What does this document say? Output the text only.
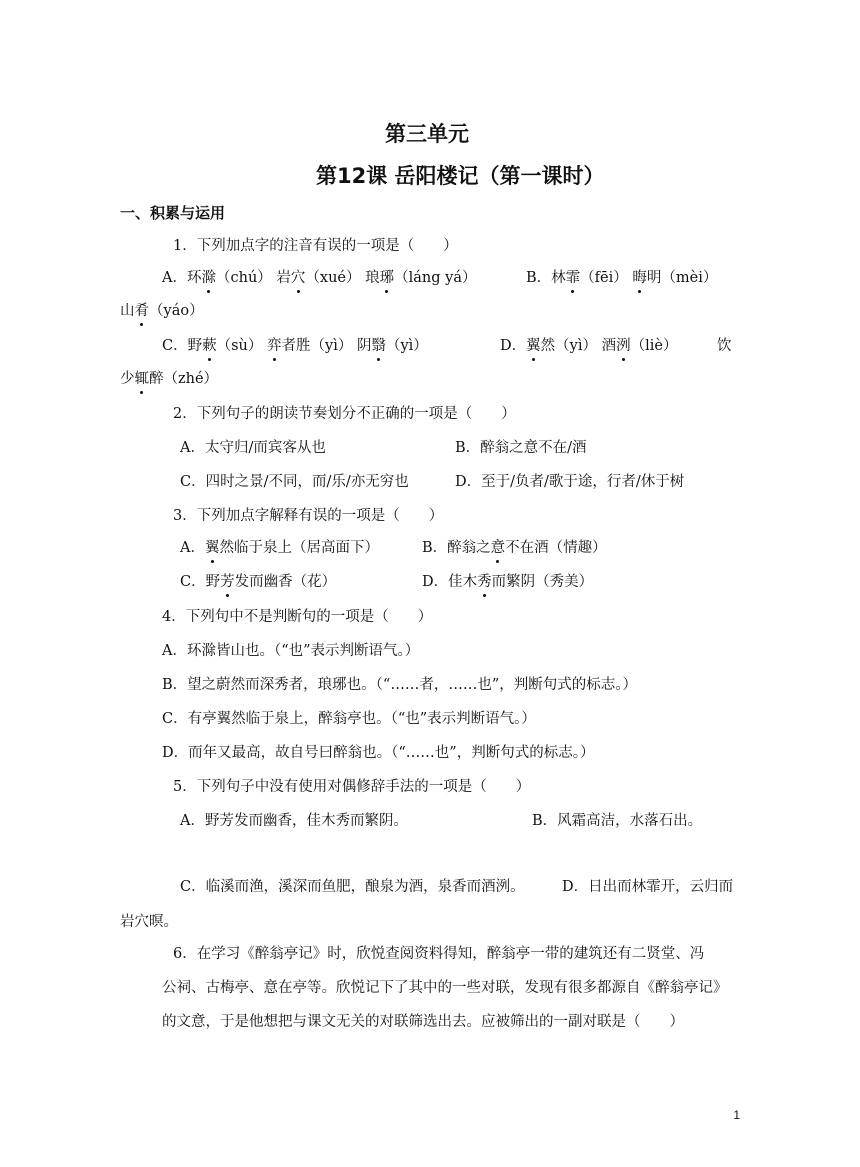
第三单元
第12课 岳阳楼记（第一课时）
一、积累与运用
1．下列加点字的注音有误的一项是（　　）
A．环滁（chú） 岩穴（xué） 琅琊（láng yá）	B．林霏（fēi） 晦明（mèi）
山肴（yáo）
C．野蔌（sù） 弈者胜（yì） 阴翳（yì）	D．翼然（yì） 酒洌（liè）	饮
少辄醉（zhé）
2．下列句子的朗读节奏划分不正确的一项是（　　）
A．太守归/而宾客从也	B．醉翁之意不在/酒
C．四时之景/不同，而/乐/亦无穷也	D．至于/负者/歌于途，行者/休于树
3．下列加点字解释有误的一项是（　　）
A．翼然临于泉上（居高面下）	B．醉翁之意不在酒（情趣）
C．野芳发而幽香（花）	D．佳木秀而繁阴（秀美）
4．下列句中不是判断句的一项是（　　）
A．环滁皆山也。（“也”表示判断语气。）
B．望之蔚然而深秀者，琅琊也。（“……者，……也”，判断句式的标志。）
C．有亭翼然临于泉上，醉翁亭也。（“也”表示判断语气。）
D．而年又最高，故自号曰醉翁也。（“……也”，判断句式的标志。）
5．下列句子中没有使用对偶修辞手法的一项是（　　）
A．野芳发而幽香，佳木秀而繁阴。	B．风霜高洁，水落石出。
C．临溪而渔，溪深而鱼肥，酿泉为酒，泉香而酒洌。	D．日出而林霏开，云归而
岩穴暝。
6．在学习《醉翁亭记》时，欣悦查阅资料得知，醉翁亭一带的建筑还有二贤堂、冯
公祠、古梅亭、意在亭等。欣悦记下了其中的一些对联，发现有很多都源自《醉翁亭记》
的文意，于是他想把与课文无关的对联筛选出去。应被筛出的一副对联是（　　）
1
